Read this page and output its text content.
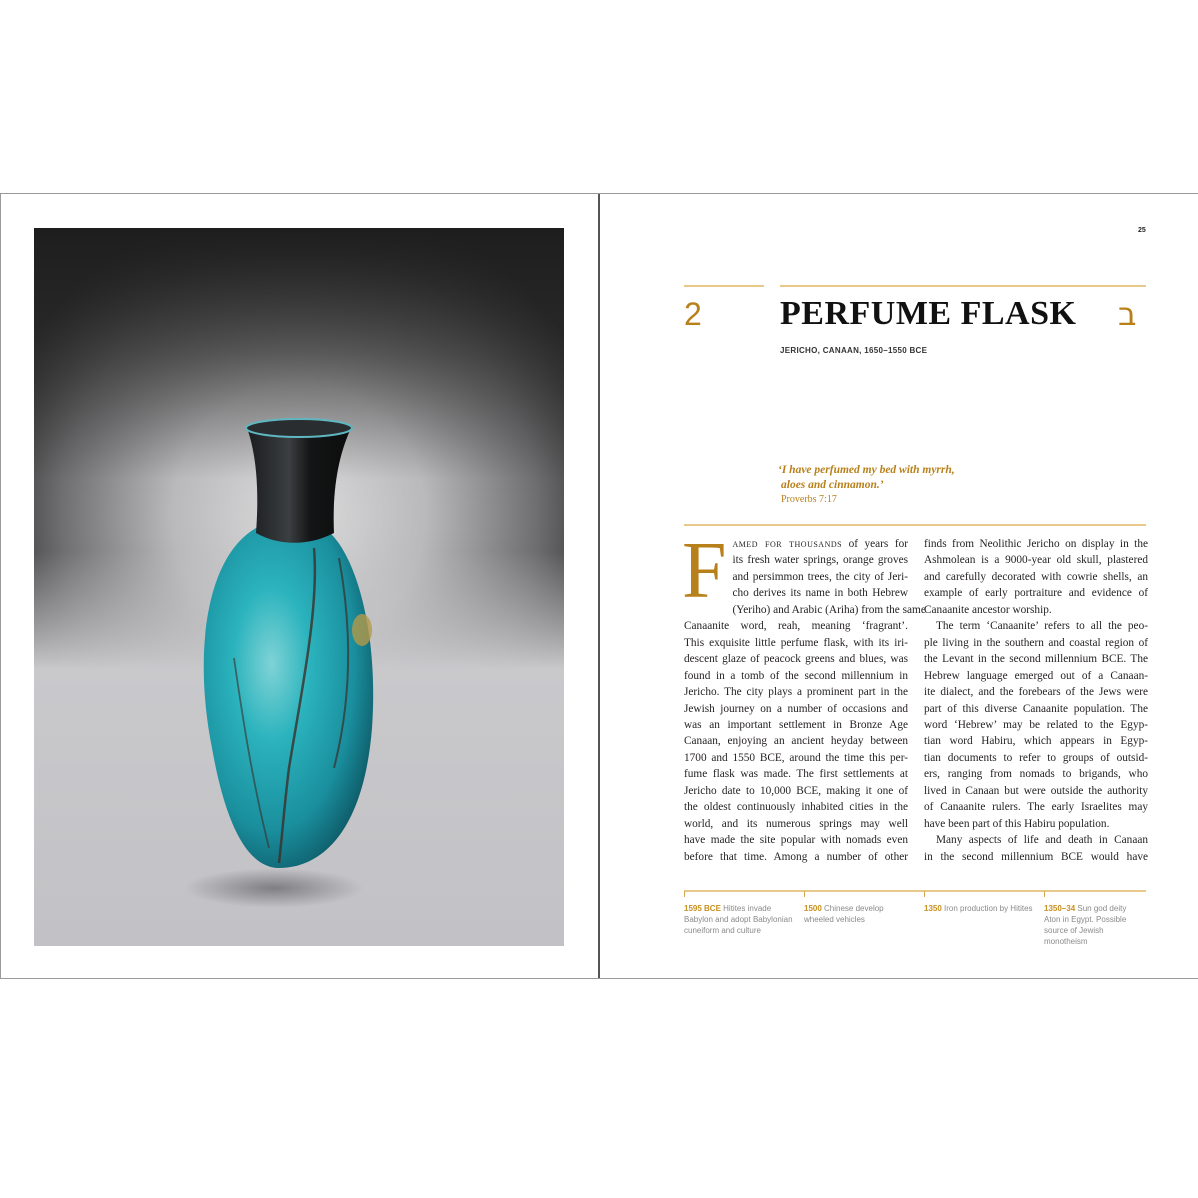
25
2 PERFUME FLASK ב
JERICHO, CANAAN, 1650–1550 BCE
‘I have perfumed my bed with myrrh,
aloes and cinnamon.’
Proverbs 7:17
F amed for thousands of years for
its fresh water springs, orange groves
and persimmon trees, the city of Jeri-
cho derives its name in both Hebrew
(Yeriho) and Arabic (Ariha) from the same
Canaanite word, reah, meaning ‘fragrant’.
This exquisite little perfume flask, with its iri-
descent glaze of peacock greens and blues, was
found in a tomb of the second millennium in
Jericho. The city plays a prominent part in the
Jewish journey on a number of occasions and
was an important settlement in Bronze Age
Canaan, enjoying an ancient heyday between
1700 and 1550 BCE, around the time this per-
fume flask was made. The first settlements at
Jericho date to 10,000 BCE, making it one of
the oldest continuously inhabited cities in the
world, and its numerous springs may well
have made the site popular with nomads even
before that time. Among a number of other
finds from Neolithic Jericho on display in the
Ashmolean is a 9000-year old skull, plastered
and carefully decorated with cowrie shells, an
example of early portraiture and evidence of
Canaanite ancestor worship.
The term ‘Canaanite’ refers to all the peo-
ple living in the southern and coastal region of
the Levant in the second millennium BCE. The
Hebrew language emerged out of a Canaan-
ite dialect, and the forebears of the Jews were
part of this diverse Canaanite population. The
word ‘Hebrew’ may be related to the Egyp-
tian word Habiru, which appears in Egyp-
tian documents to refer to groups of outsid-
ers, ranging from nomads to brigands, who
lived in Canaan but were outside the authority
of Canaanite rulers. The early Israelites may
have been part of this Habiru population.
Many aspects of life and death in Canaan
in the second millennium BCE would have
1595 BCE Hitites invade Babylon and adopt Babylonian cuneiform and culture
1500 Chinese develop wheeled vehicles
1350 Iron production by Hitites 1350–34 Sun god deity Aton in Egypt. Possible source of Jewish monotheism
